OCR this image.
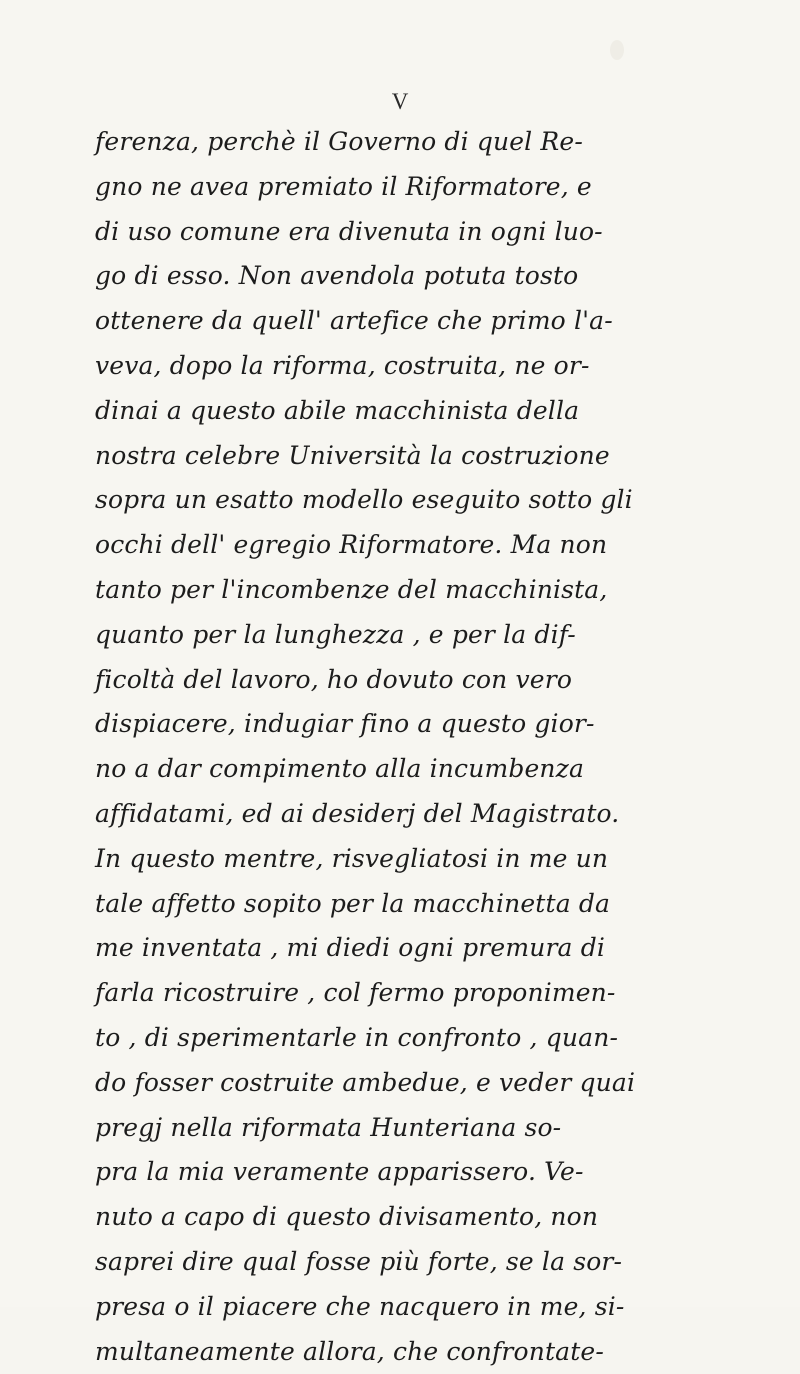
V
ferenza, perchè il Governo di quel Re-
gno ne avea premiato il Riformatore, e
di uso comune era divenuta in ogni luo-
go di esso. Non avendola potuta tosto
ottenere da quell' artefice che primo l'a-
veva, dopo la riforma, costruita, ne or-
dinai a questo abile macchinista della
nostra celebre Università la costruzione
sopra un esatto modello eseguito sotto gli
occhi dell' egregio Riformatore. Ma non
tanto per l'incombenze del macchinista,
quanto per la lunghezza , e per la dif-
ficoltà del lavoro, ho dovuto con vero
dispiacere, indugiar fino a questo gior-
no a dar compimento alla incumbenza
affidatami, ed ai desiderj del Magistrato.
In questo mentre, risvegliatosi in me un
tale affetto sopito per la macchinetta da
me inventata , mi diedi ogni premura di
farla ricostruire , col fermo proponimen-
to , di sperimentarle in confronto , quan-
do fosser costruite ambedue, e veder quai
pregj nella riformata Hunteriana so-
pra la mia veramente apparissero. Ve-
nuto a capo di questo divisamento, non
saprei dire qual fosse più forte, se la sor-
presa o il piacere che nacquero in me, si-
multaneamente allora, che confrontate-
